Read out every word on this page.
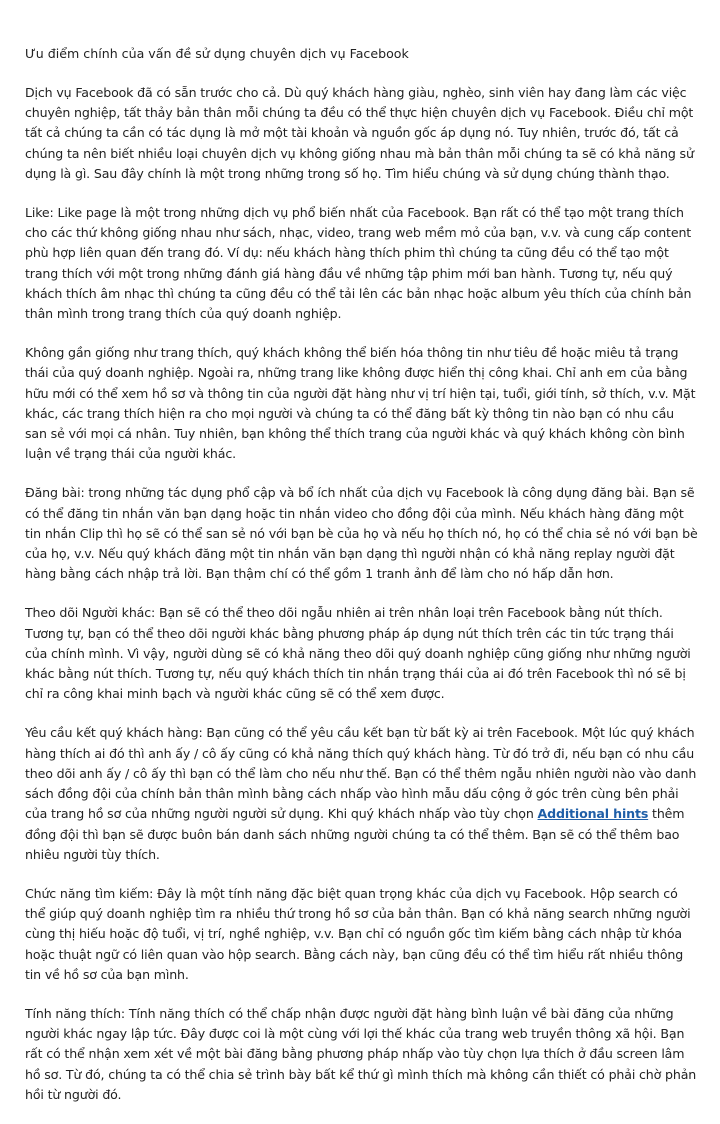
Ưu điểm chính của vấn đề sử dụng chuyên dịch vụ Facebook

Dịch vụ Facebook đã có sẵn trước cho cả. Dù quý khách hàng giàu, nghèo, sinh viên hay đang làm các việc chuyên nghiệp, tất thảy bản thân mỗi chúng ta đều có thể thực hiện chuyên dịch vụ Facebook. Điều chỉ một tất cả chúng ta cần có tác dụng là mở một tài khoản và nguồn gốc áp dụng nó. Tuy nhiên, trước đó, tất cả chúng ta nên biết nhiều loại chuyên dịch vụ không giống nhau mà bản thân mỗi chúng ta sẽ có khả năng sử dụng là gì. Sau đây chính là một trong những trong số họ. Tìm hiểu chúng và sử dụng chúng thành thạo.

Like: Like page là một trong những dịch vụ phổ biến nhất của Facebook. Bạn rất có thể tạo một trang thích cho các thứ không giống nhau như sách, nhạc, video, trang web mềm mỏ của bạn, v.v. và cung cấp content phù hợp liên quan đến trang đó. Ví dụ: nếu khách hàng thích phim thì chúng ta cũng đều có thể tạo một trang thích với một trong những đánh giá hàng đầu về những tập phim mới ban hành. Tương tự, nếu quý khách thích âm nhạc thì chúng ta cũng đều có thể tải lên các bản nhạc hoặc album yêu thích của chính bản thân mình trong trang thích của quý doanh nghiệp.

Không gần giống như trang thích, quý khách không thể biến hóa thông tin như tiêu đề hoặc miêu tả trạng thái của quý doanh nghiệp. Ngoài ra, những trang like không được hiển thị công khai. Chỉ anh em của bằng hữu mới có thể xem hồ sơ và thông tin của người đặt hàng như vị trí hiện tại, tuổi, giới tính, sở thích, v.v. Mặt khác, các trang thích hiện ra cho mọi người và chúng ta có thể đăng bất kỳ thông tin nào bạn có nhu cầu san sẻ với mọi cá nhân. Tuy nhiên, bạn không thể thích trang của người khác và quý khách không còn bình luận về trạng thái của người khác.

Đăng bài: trong những tác dụng phổ cập và bổ ích nhất của dịch vụ Facebook là công dụng đăng bài. Bạn sẽ có thể đăng tin nhắn văn bạn dạng hoặc tin nhắn video cho đồng đội của mình. Nếu khách hàng đăng một tin nhắn Clip thì họ sẽ có thể san sẻ nó với bạn bè của họ và nếu họ thích nó, họ có thể chia sẻ nó với bạn bè của họ, v.v. Nếu quý khách đăng một tin nhắn văn bạn dạng thì người nhận có khả năng replay người đặt hàng bằng cách nhập trả lời. Bạn thậm chí có thể gồm 1 tranh ảnh để làm cho nó hấp dẫn hơn.

Theo dõi Người khác: Bạn sẽ có thể theo dõi ngẫu nhiên ai trên nhân loại trên Facebook bằng nút thích. Tương tự, bạn có thể theo dõi người khác bằng phương pháp áp dụng nút thích trên các tin tức trạng thái của chính mình. Vì vậy, người dùng sẽ có khả năng theo dõi quý doanh nghiệp cũng giống như những người khác bằng nút thích. Tương tự, nếu quý khách thích tin nhắn trạng thái của ai đó trên Facebook thì nó sẽ bị chỉ ra công khai minh bạch và người khác cũng sẽ có thể xem được.

Yêu cầu kết quý khách hàng: Bạn cũng có thể yêu cầu kết bạn từ bất kỳ ai trên Facebook. Một lúc quý khách hàng thích ai đó thì anh ấy / cô ấy cũng có khả năng thích quý khách hàng. Từ đó trở đi, nếu bạn có nhu cầu theo dõi anh ấy / cô ấy thì bạn có thể làm cho nếu như thế. Bạn có thể thêm ngẫu nhiên người nào vào danh sách đồng đội của chính bản thân mình bằng cách nhấp vào hình mẫu dấu cộng ở góc trên cùng bên phải của trang hồ sơ của những người người sử dụng. Khi quý khách nhấp vào tùy chọn Additional hints thêm đồng đội thì bạn sẽ được buôn bán danh sách những người chúng ta có thể thêm. Bạn sẽ có thể thêm bao nhiêu người tùy thích.

Chức năng tìm kiếm: Đây là một tính năng đặc biệt quan trọng khác của dịch vụ Facebook. Hộp search có thể giúp quý doanh nghiệp tìm ra nhiều thứ trong hồ sơ của bản thân. Bạn có khả năng search những người cùng thị hiếu hoặc độ tuổi, vị trí, nghề nghiệp, v.v. Bạn chỉ có nguồn gốc tìm kiếm bằng cách nhập từ khóa hoặc thuật ngữ có liên quan vào hộp search. Bằng cách này, bạn cũng đều có thể tìm hiểu rất nhiều thông tin về hồ sơ của bạn mình.

Tính năng thích: Tính năng thích có thể chấp nhận được người đặt hàng bình luận về bài đăng của những người khác ngay lập tức. Đây được coi là một cùng với lợi thế khác của trang web truyền thông xã hội. Bạn rất có thể nhận xem xét về một bài đăng bằng phương pháp nhấp vào tùy chọn lựa thích ở đầu screen lâm hồ sơ. Từ đó, chúng ta có thể chia sẻ trình bày bất kể thứ gì mình thích mà không cần thiết có phải chờ phản hồi từ người đó.
